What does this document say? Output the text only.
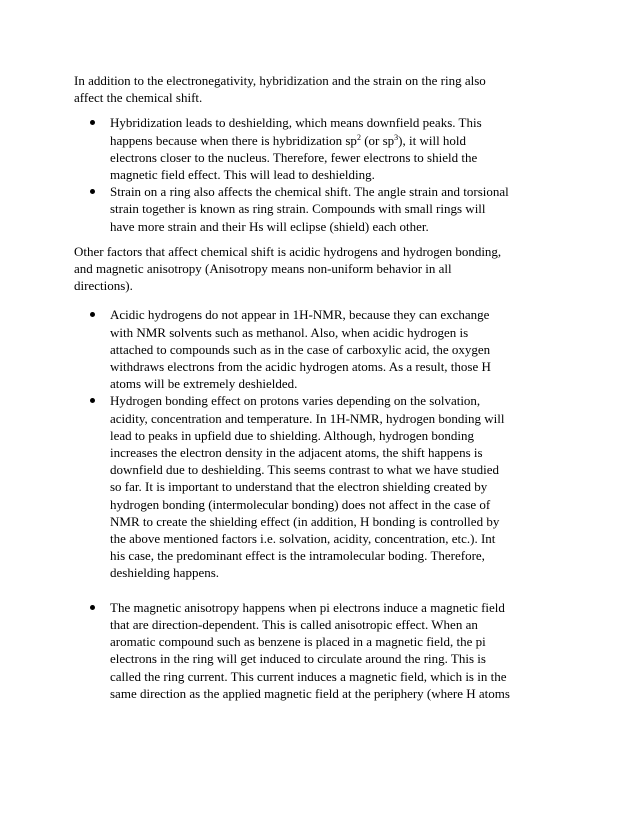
In addition to the electronegativity, hybridization and the strain on the ring also
affect the chemical shift.

Hybridization leads to deshielding, which means downfield peaks. This
happens because when there is hybridization $sp^2$ (or $sp^3$), it will hold
electrons closer to the nucleus. Therefore, fewer electrons to shield the
magnetic field effect. This will lead to deshielding.
Strain on a ring also affects the chemical shift. The angle strain and torsional
strain together is known as ring strain. Compounds with small rings will
have more strain and their Hs will eclipse (shield) each other.

Other factors that affect chemical shift is acidic hydrogens and hydrogen bonding,
and magnetic anisotropy (Anisotropy means non-uniform behavior in all
directions).

Acidic hydrogens do not appear in 1H-NMR, because they can exchange
with NMR solvents such as methanol. Also, when acidic hydrogen is
attached to compounds such as in the case of carboxylic acid, the oxygen
withdraws electrons from the acidic hydrogen atoms. As a result, those H
atoms will be extremely deshielded.
Hydrogen bonding effect on protons varies depending on the solvation,
acidity, concentration and temperature. In 1H-NMR, hydrogen bonding will
lead to peaks in upfield due to shielding. Although, hydrogen bonding
increases the electron density in the adjacent atoms, the shift happens is
downfield due to deshielding. This seems contrast to what we have studied
so far. It is important to understand that the electron shielding created by
hydrogen bonding (intermolecular bonding) does not affect in the case of
NMR to create the shielding effect (in addition, H bonding is controlled by
the above mentioned factors i.e. solvation, acidity, concentration, etc.). Int
his case, the predominant effect is the intramolecular boding. Therefore,
deshielding happens.
The magnetic anisotropy happens when pi electrons induce a magnetic field
that are direction-dependent. This is called anisotropic effect. When an
aromatic compound such as benzene is placed in a magnetic field, the pi
electrons in the ring will get induced to circulate around the ring. This is
called the ring current. This current induces a magnetic field, which is in the
same direction as the applied magnetic field at the periphery (where H atoms
